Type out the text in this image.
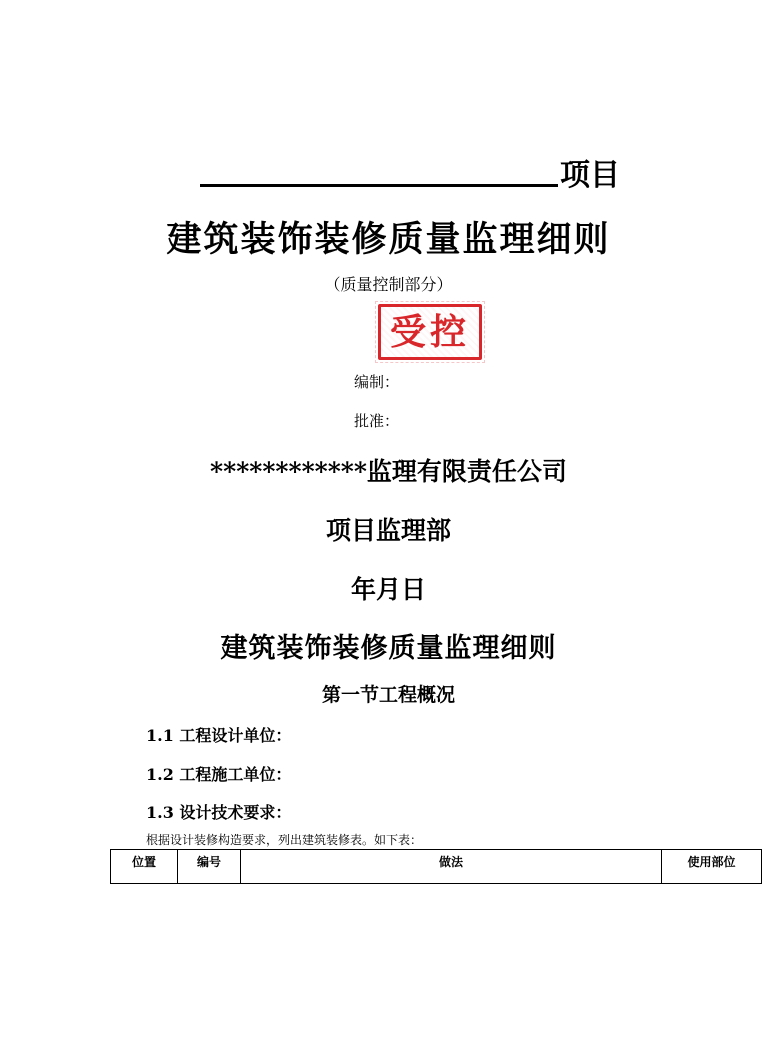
项目
建筑装饰装修质量监理细则
（质量控制部分）
受控
编制：
批准：
************监理有限责任公司
项目监理部
年月日
建筑装饰装修质量监理细则
第一节工程概况
1.1 工程设计单位：
1.2 工程施工单位：
1.3 设计技术要求：
根据设计装修构造要求，列出建筑装修表。如下表：
位置	编号	做法	使用部位
